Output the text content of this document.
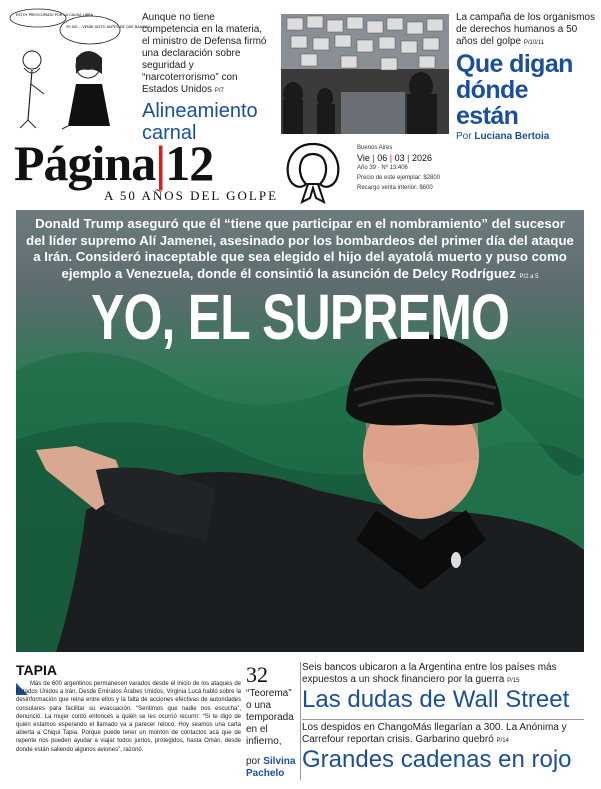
ESTOY PREOCUPADO POR LA CAUSA LIBRA
YO NO… VENDÍ JUSTO ANTES DE QUE BAJARA
Aunque no tiene competencia en la materia, el ministro de Defensa firmó una declaración sobre seguridad y “narcoterrorismo” con Estados Unidos P/7
Alineamiento carnal
La campaña de los organismos de derechos humanos a 50 años del golpe P/10/11
Que digan dónde están
Por Luciana Bertoia
Página|12
A 50 AÑOS DEL GOLPE
Buenos Aires
Vie | 06 | 03 | 2026
Año 39 · Nº 13.406
Precio de este ejemplar: $2800
Recargo venta interior: $600
Donald Trump aseguró que él “tiene que participar en el nombramiento” del sucesor del líder supremo Alí Jamenei, asesinado por los bombardeos del primer día del ataque a Irán. Consideró inaceptable que sea elegido el hijo del ayatolá muerto y puso como ejemplo a Venezuela, donde él consintió la asunción de Delcy Rodríguez P/2 a 5
YO, EL SUPREMO
TAPIA
Más de 600 argentinos permanecen varados desde el inicio de los ataques de Estados Unidos a Irán. Desde Emiratos Árabes Unidos, Virginia Lucá habló sobre la desinformación que reina entre ellos y la falta de acciones efectivas de autoridades consulares para facilitar su evacuación. “Sentimos que nadie nos escucha”, denunció. La mujer contó entonces a quién se les ocurrió recurrir: “Si te digo de quién estamos esperando el llamado va a parecer reloco. Hoy seamos una carta abierta a Chiqui Tapia. Porque puede tener un montón de contactos acá que de repente nos pueden ayudar a viajar todos juntos, protegidos, hasta Omán, desde donde están saliendo algunos aviones”, razonó.
32
“Teorema” o una temporada en el infierno,
por Silvina Pachelo
Seis bancos ubicaron a la Argentina entre los países más expuestos a un shock financiero por la guerra P/15
Las dudas de Wall Street
Los despidos en ChangoMás llegarían a 300. La Anónima y Carrefour reportan crisis. Garbarino quebró P/14
Grandes cadenas en rojo
